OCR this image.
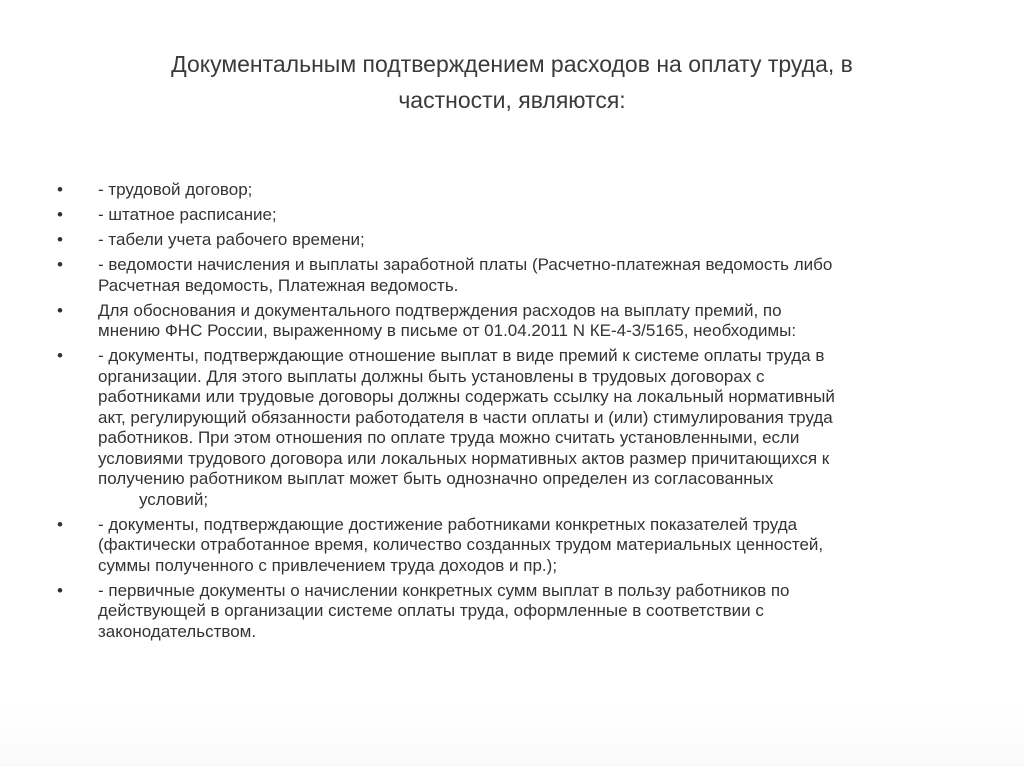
Документальным подтверждением расходов на оплату труда, в
частности, являются:
•	- трудовой договор;
•	- штатное расписание;
•	- табели учета рабочего времени;
•	- ведомости начисления и выплаты заработной платы (Расчетно-платежная ведомость либо
Расчетная ведомость, Платежная ведомость.
•	Для обоснования и документального подтверждения расходов на выплату премий, по
мнению ФНС России, выраженному в письме от 01.04.2011 N КЕ-4-3/5165, необходимы:
•	- документы, подтверждающие отношение выплат в виде премий к системе оплаты труда в
организации. Для этого выплаты должны быть установлены в трудовых договорах с
работниками или трудовые договоры должны содержать ссылку на локальный нормативный
акт, регулирующий обязанности работодателя в части оплаты и (или) стимулирования труда
работников. При этом отношения по оплате труда можно считать установленными, если
условиями трудового договора или локальных нормативных актов размер причитающихся к
получению работником выплат может быть однозначно определен из согласованных
условий;
•	- документы, подтверждающие достижение работниками конкретных показателей труда
(фактически отработанное время, количество созданных трудом материальных ценностей,
суммы полученного с привлечением труда доходов и пр.);
•	- первичные документы о начислении конкретных сумм выплат в пользу работников по
действующей в организации системе оплаты труда, оформленные в соответствии с
законодательством.
